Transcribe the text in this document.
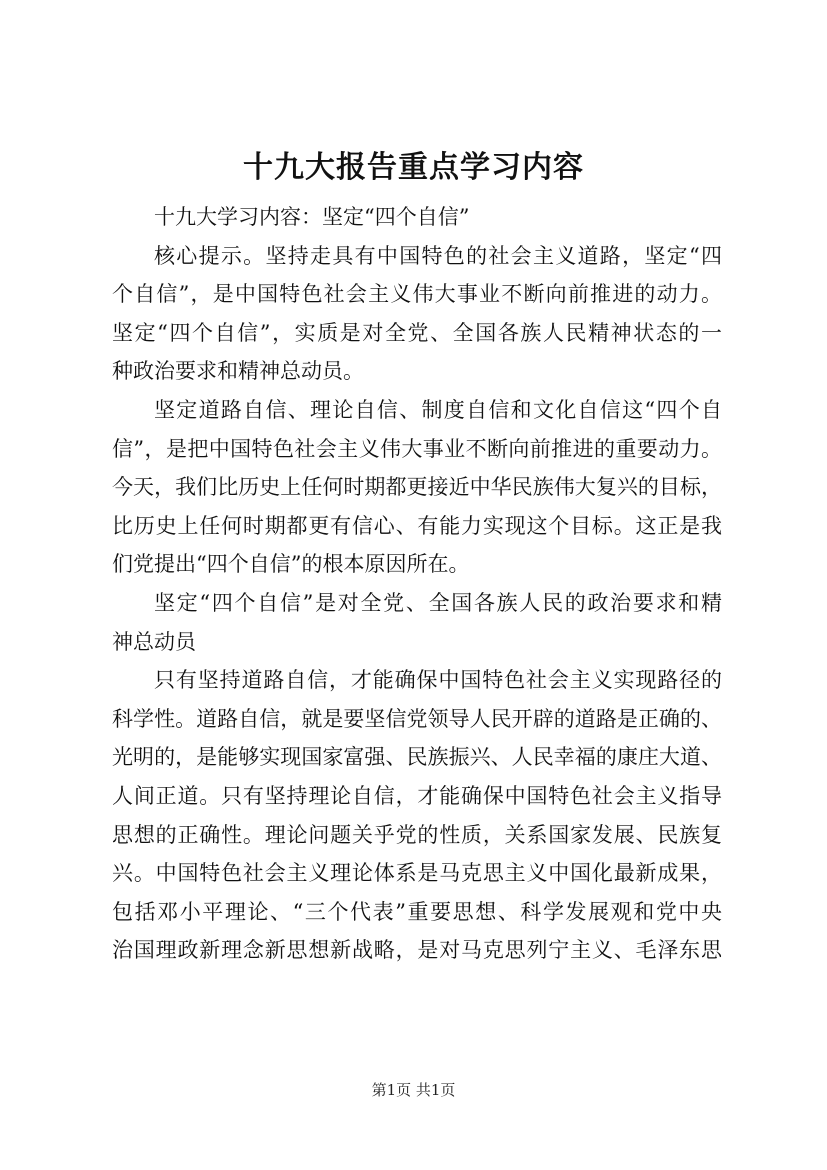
十九大报告重点学习内容
十九大学习内容：坚定“四个自信”
核心提示。坚持走具有中国特色的社会主义道路，坚定“四
个自信”，是中国特色社会主义伟大事业不断向前推进的动力。
坚定“四个自信”，实质是对全党、全国各族人民精神状态的一
种政治要求和精神总动员。
坚定道路自信、理论自信、制度自信和文化自信这“四个自
信”，是把中国特色社会主义伟大事业不断向前推进的重要动力。
今天，我们比历史上任何时期都更接近中华民族伟大复兴的目标，
比历史上任何时期都更有信心、有能力实现这个目标。这正是我
们党提出“四个自信”的根本原因所在。
坚定“四个自信”是对全党、全国各族人民的政治要求和精
神总动员
只有坚持道路自信，才能确保中国特色社会主义实现路径的
科学性。道路自信，就是要坚信党领导人民开辟的道路是正确的、
光明的，是能够实现国家富强、民族振兴、人民幸福的康庄大道、
人间正道。只有坚持理论自信，才能确保中国特色社会主义指导
思想的正确性。理论问题关乎党的性质，关系国家发展、民族复
兴。中国特色社会主义理论体系是马克思主义中国化最新成果，
包括邓小平理论、“三个代表”重要思想、科学发展观和党中央
治国理政新理念新思想新战略，是对马克思列宁主义、毛泽东思
第1页 共1页
